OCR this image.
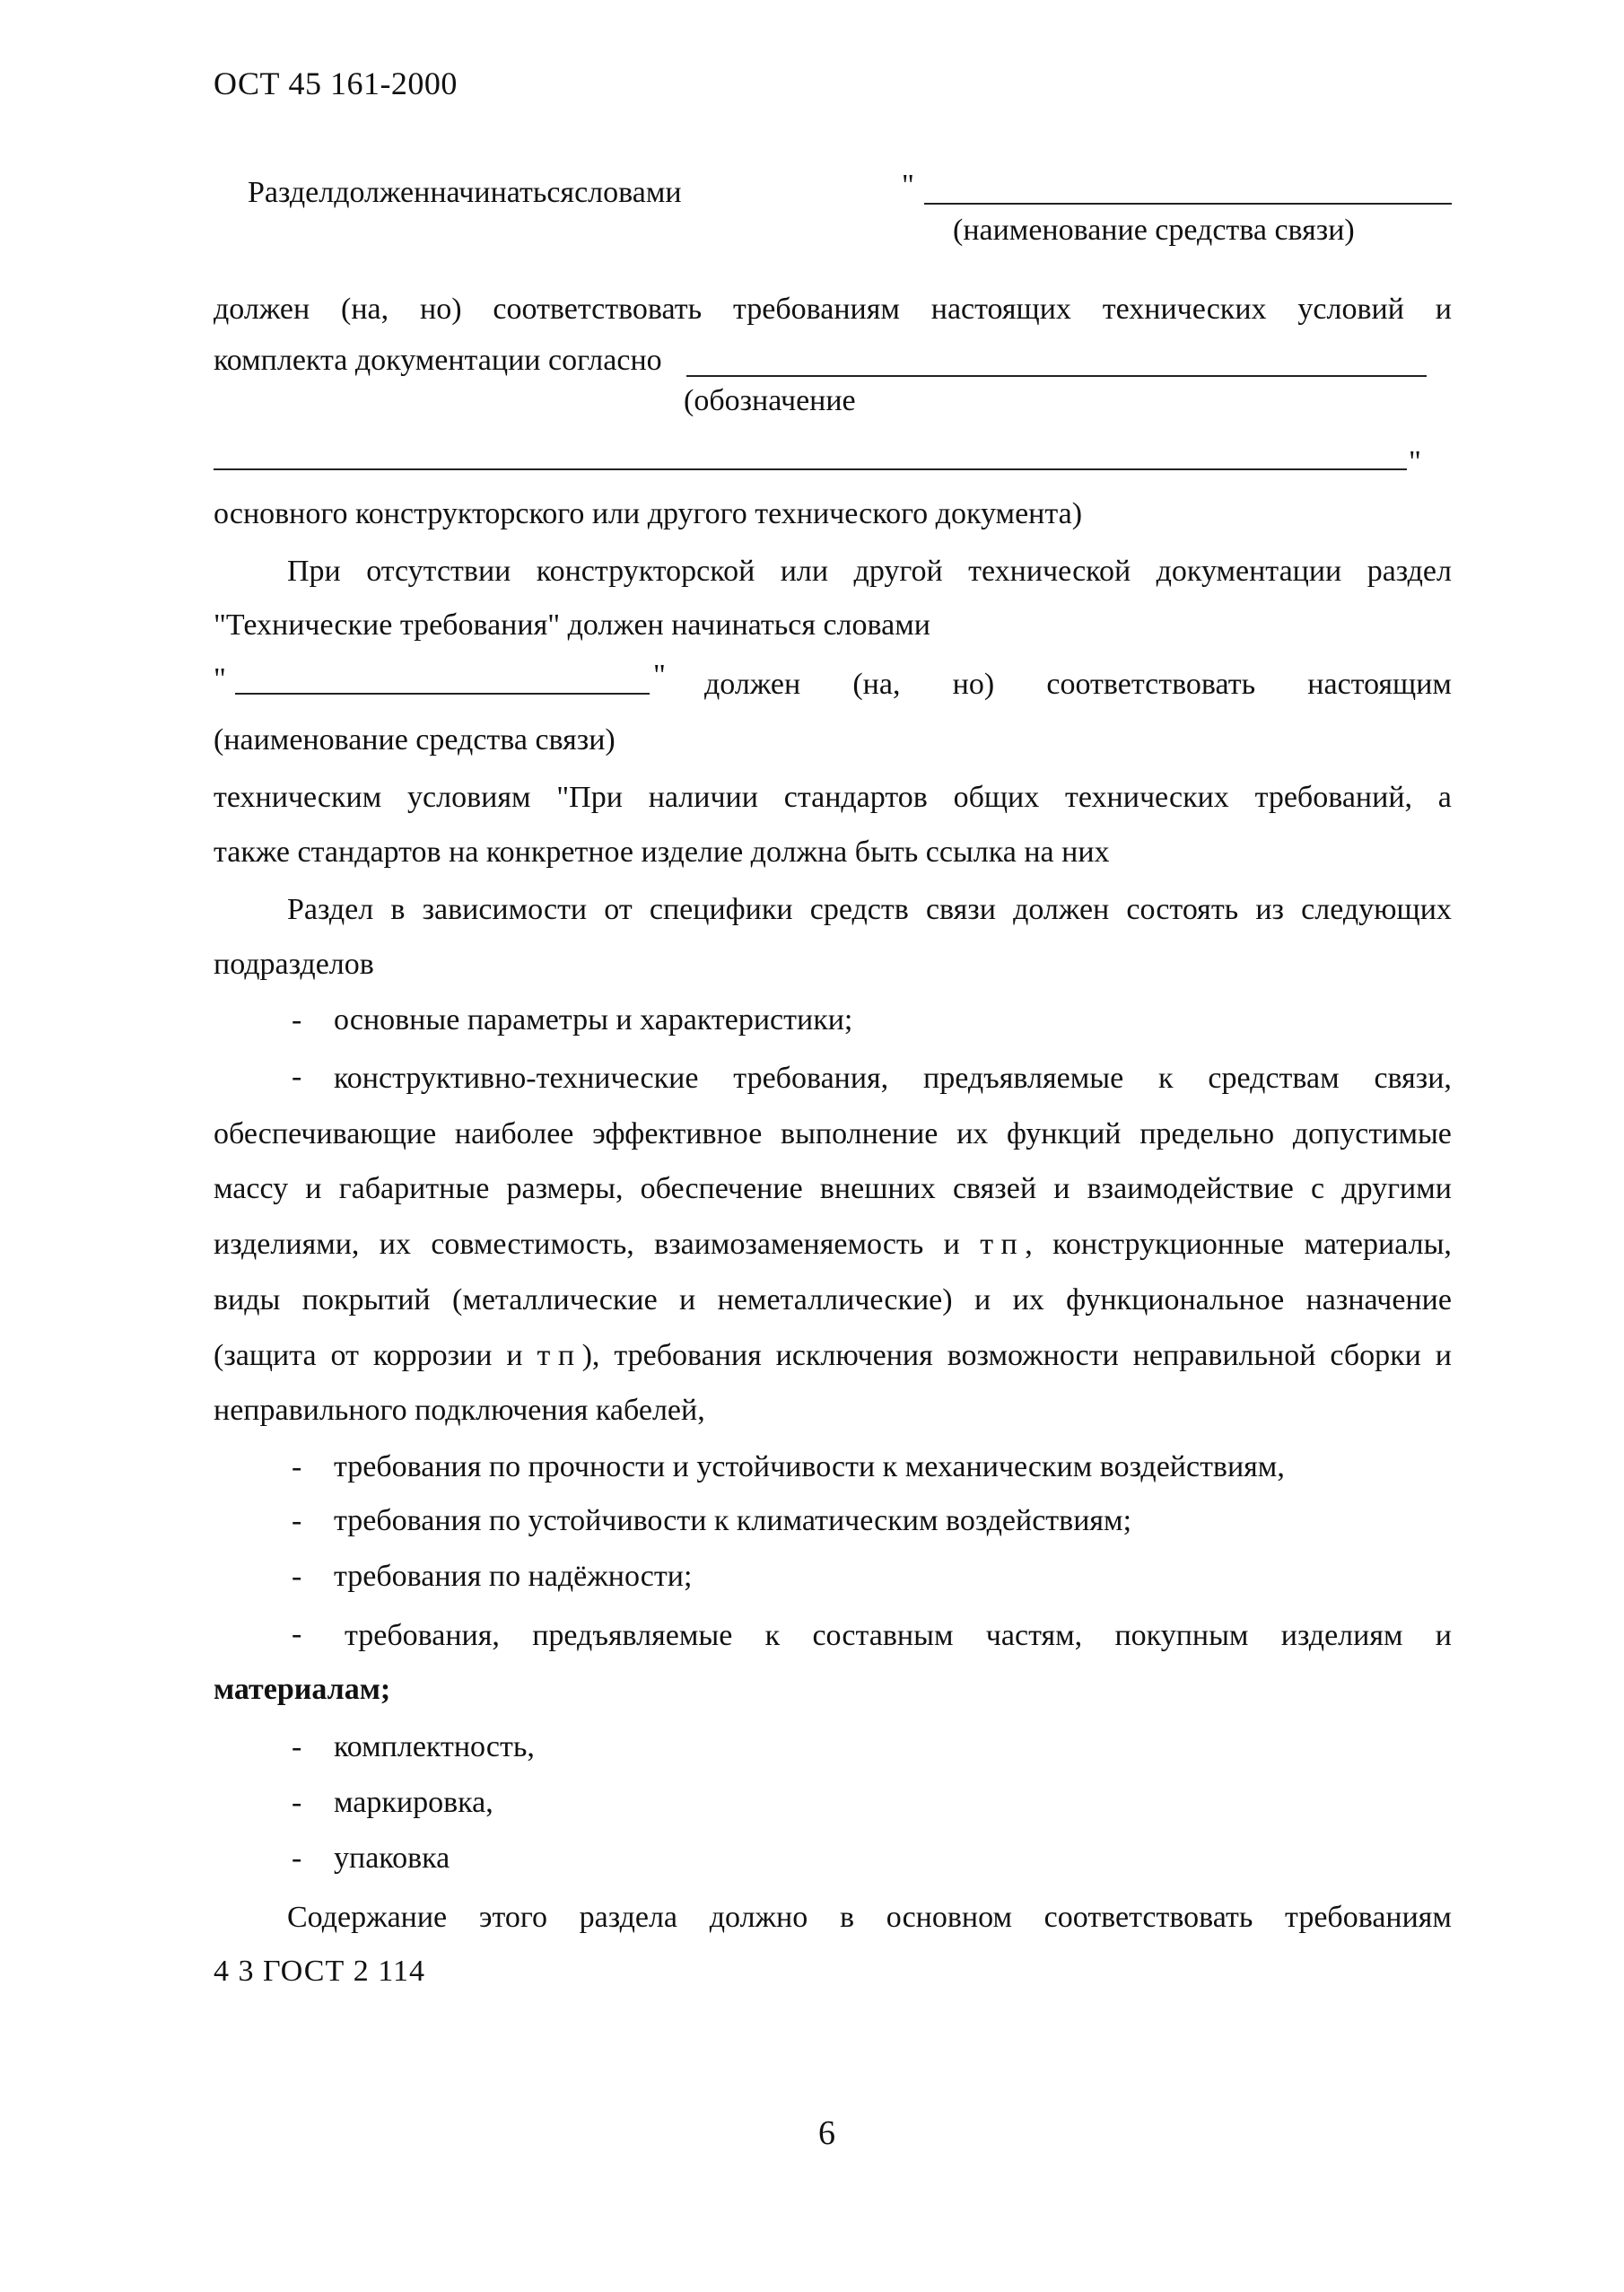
ОСТ 45 161-2000
Раздел должен начинаться словами	"
(наименование средства связи)
должен (на, но) соответствовать требованиям настоящих технических условий и
комплекта документации согласно
(обозначение
"
основного конструкторского или другого технического документа)
При отсутствии конструкторской или другой технической документации раздел
"Технические требования" должен начинаться словами
"	" должен (на, но) соответствовать настоящим
(наименование средства связи)
техническим условиям "При наличии стандартов общих технических требований, а
также стандартов на конкретное изделие должна быть ссылка на них
Раздел в зависимости от специфики средств связи должен состоять из следующих
подразделов
- основные параметры и характеристики;
- конструктивно-технические требования, предъявляемые к средствам связи,
обеспечивающие наиболее эффективное выполнение их функций предельно допустимые
массу и габаритные размеры, обеспечение внешних связей и взаимодействие с другими
изделиями, их совместимость, взаимозаменяемость и т п , конструкционные материалы,
виды покрытий (металлические и неметаллические) и их функциональное назначение
(защита от коррозии и т п ), требования исключения возможности неправильной сборки и
неправильного подключения кабелей,
- требования по прочности и устойчивости к механическим воздействиям,
- требования по устойчивости к климатическим воздействиям;
- требования по надёжности;
- требования, предъявляемые к составным частям, покупным изделиям и
материалам;
- комплектность,
- маркировка,
- упаковка
Содержание этого раздела должно в основном соответствовать требованиям
4 3 ГОСТ 2 114
6
